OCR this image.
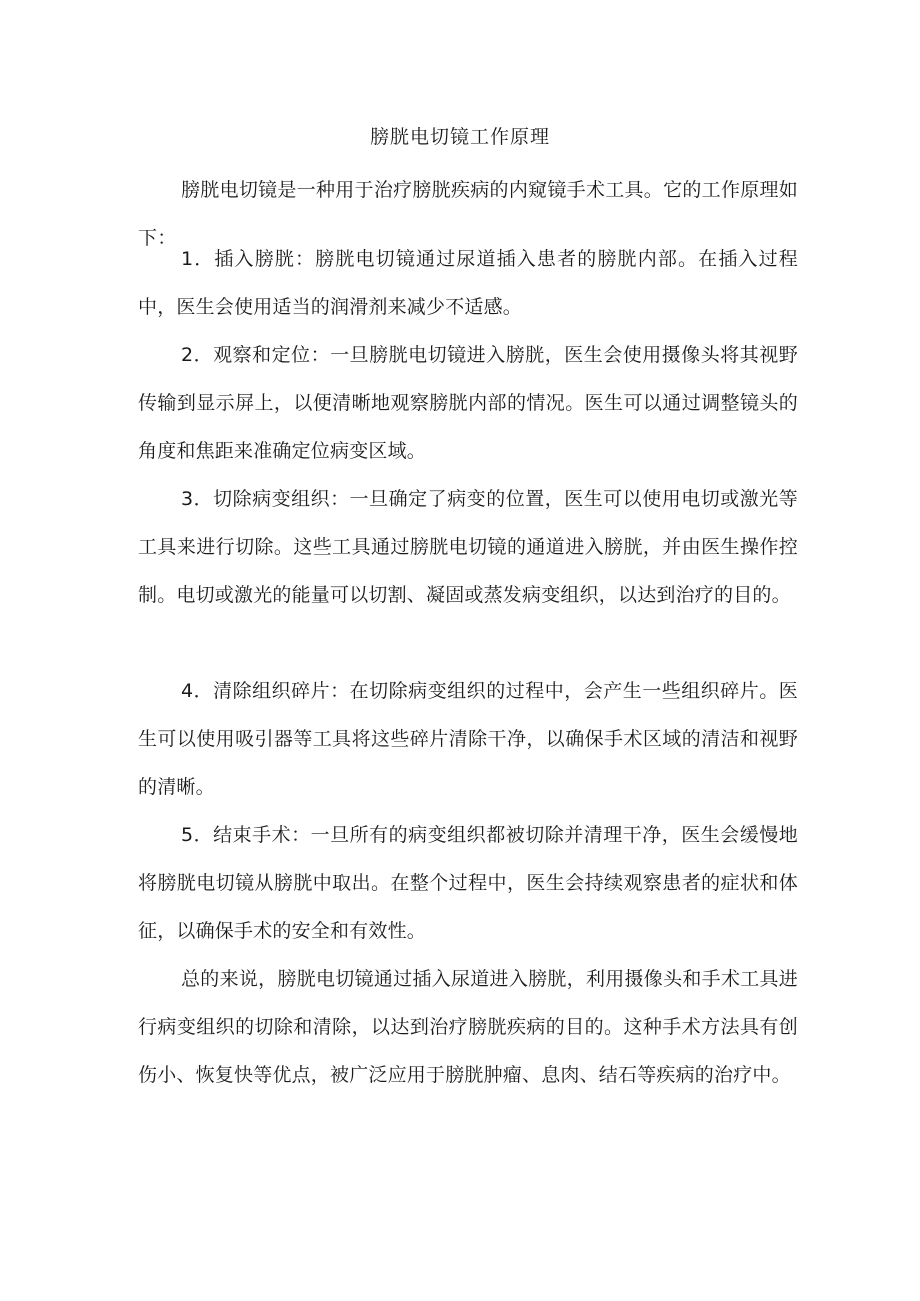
膀胱电切镜工作原理

膀胱电切镜是一种用于治疗膀胱疾病的内窥镜手术工具。它的工作原理如下：

1．插入膀胱：膀胱电切镜通过尿道插入患者的膀胱内部。在插入过程中，医生会使用适当的润滑剂来减少不适感。

2．观察和定位：一旦膀胱电切镜进入膀胱，医生会使用摄像头将其视野传输到显示屏上，以便清晰地观察膀胱内部的情况。医生可以通过调整镜头的角度和焦距来准确定位病变区域。

3．切除病变组织：一旦确定了病变的位置，医生可以使用电切或激光等工具来进行切除。这些工具通过膀胱电切镜的通道进入膀胱，并由医生操作控制。电切或激光的能量可以切割、凝固或蒸发病变组织，以达到治疗的目的。

4．清除组织碎片：在切除病变组织的过程中，会产生一些组织碎片。医生可以使用吸引器等工具将这些碎片清除干净，以确保手术区域的清洁和视野的清晰。

5．结束手术：一旦所有的病变组织都被切除并清理干净，医生会缓慢地将膀胱电切镜从膀胱中取出。在整个过程中，医生会持续观察患者的症状和体征，以确保手术的安全和有效性。

总的来说，膀胱电切镜通过插入尿道进入膀胱，利用摄像头和手术工具进行病变组织的切除和清除，以达到治疗膀胱疾病的目的。这种手术方法具有创伤小、恢复快等优点，被广泛应用于膀胱肿瘤、息肉、结石等疾病的治疗中。
